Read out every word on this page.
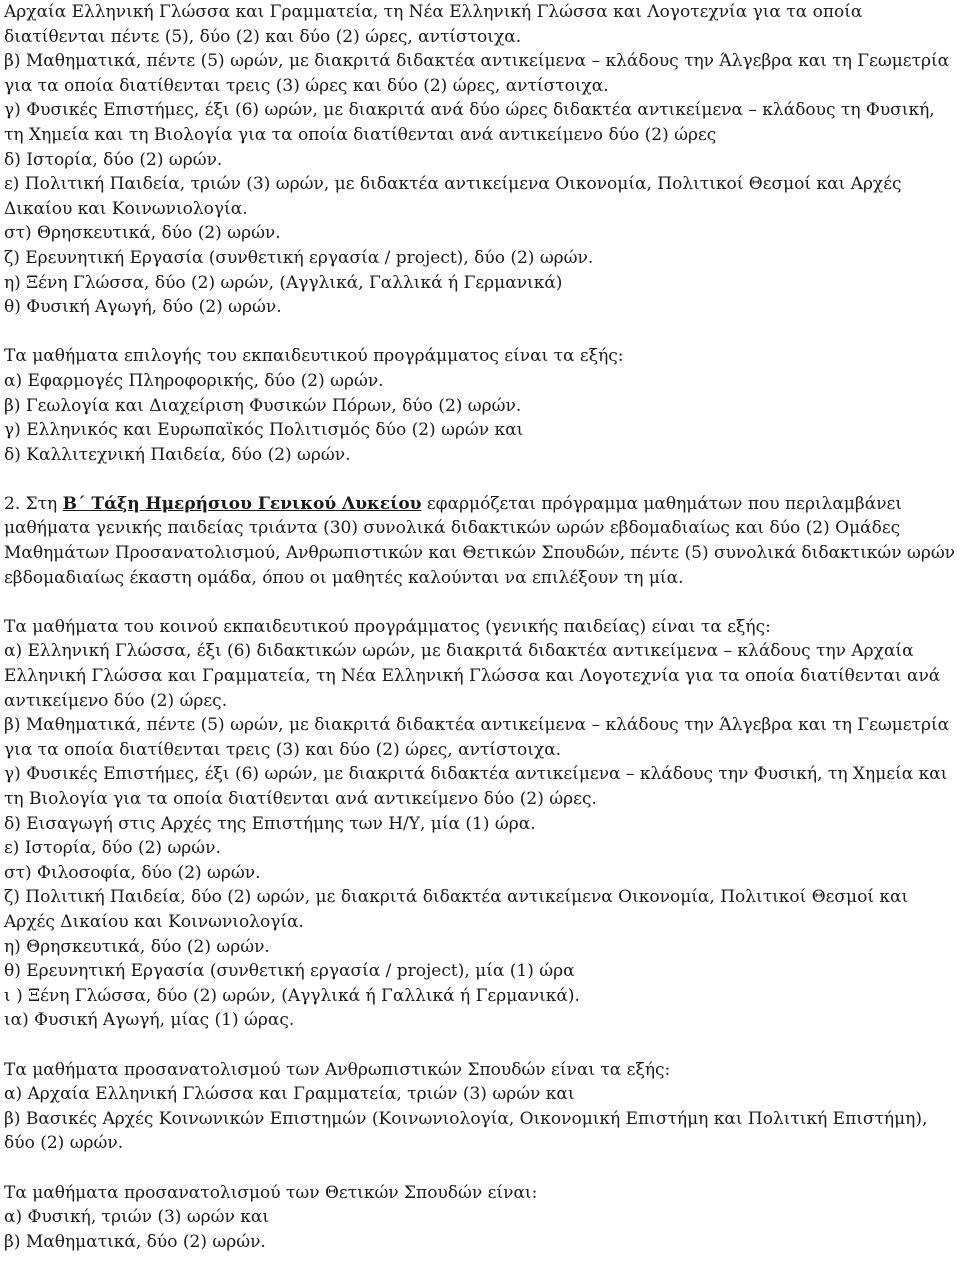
Αρχαία Ελληνική Γλώσσα και Γραμματεία, τη Νέα Ελληνική Γλώσσα και Λογοτεχνία για τα οποία διατίθενται πέντε (5), δύο (2) και δύο (2) ώρες, αντίστοιχα.

β) Μαθηματικά, πέντε (5) ωρών, με διακριτά διδακτέα αντικείμενα – κλάδους την Άλγεβρα και τη Γεωμετρία για τα οποία διατίθενται τρεις (3) ώρες και δύο (2) ώρες, αντίστοιχα.

γ) Φυσικές Επιστήμες, έξι (6) ωρών, με διακριτά ανά δύο ώρες διδακτέα αντικείμενα – κλάδους τη Φυσική, τη Χημεία και τη Βιολογία για τα οποία διατίθενται ανά αντικείμενο δύο (2) ώρες

δ) Ιστορία, δύο (2) ωρών.

ε) Πολιτική Παιδεία, τριών (3) ωρών, με διδακτέα αντικείμενα Οικονομία, Πολιτικοί Θεσμοί και Αρχές Δικαίου και Κοινωνιολογία.

στ) Θρησκευτικά, δύο (2) ωρών.

ζ) Ερευνητική Εργασία (συνθετική εργασία / project), δύο (2) ωρών.

η) Ξένη Γλώσσα, δύο (2) ωρών, (Αγγλικά, Γαλλικά ή Γερμανικά)

θ) Φυσική Αγωγή, δύο (2) ωρών.

Τα μαθήματα επιλογής του εκπαιδευτικού προγράμματος είναι τα εξής:

α) Εφαρμογές Πληροφορικής, δύο (2) ωρών.

β) Γεωλογία και Διαχείριση Φυσικών Πόρων, δύο (2) ωρών.

γ) Ελληνικός και Ευρωπαϊκός Πολιτισμός δύο (2) ωρών και

δ) Καλλιτεχνική Παιδεία, δύο (2) ωρών.

2. Στη Β΄ Τάξη Ημερήσιου Γενικού Λυκείου εφαρμόζεται πρόγραμμα μαθημάτων που περιλαμβάνει μαθήματα γενικής παιδείας τριάντα (30) συνολικά διδακτικών ωρών εβδομαδιαίως και δύο (2) Ομάδες Μαθημάτων Προσανατολισμού, Ανθρωπιστικών και Θετικών Σπουδών, πέντε (5) συνολικά διδακτικών ωρών εβδομαδιαίως έκαστη ομάδα, όπου οι μαθητές καλούνται να επιλέξουν τη μία.

Τα μαθήματα του κοινού εκπαιδευτικού προγράμματος (γενικής παιδείας) είναι τα εξής:

α) Ελληνική Γλώσσα, έξι (6) διδακτικών ωρών, με διακριτά διδακτέα αντικείμενα – κλάδους την Αρχαία Ελληνική Γλώσσα και Γραμματεία, τη Νέα Ελληνική Γλώσσα και Λογοτεχνία για τα οποία διατίθενται ανά αντικείμενο δύο (2) ώρες.

β) Μαθηματικά, πέντε (5) ωρών, με διακριτά διδακτέα αντικείμενα – κλάδους την Άλγεβρα και τη Γεωμετρία για τα οποία διατίθενται τρεις (3) και δύο (2) ώρες, αντίστοιχα.

γ) Φυσικές Επιστήμες, έξι (6) ωρών, με διακριτά διδακτέα αντικείμενα – κλάδους την Φυσική, τη Χημεία και τη Βιολογία για τα οποία διατίθενται ανά αντικείμενο δύο (2) ώρες.

δ) Εισαγωγή στις Αρχές της Επιστήμης των Η/Υ, μία (1) ώρα.

ε) Ιστορία, δύο (2) ωρών.

στ) Φιλοσοφία, δύο (2) ωρών.

ζ) Πολιτική Παιδεία, δύο (2) ωρών, με διακριτά διδακτέα αντικείμενα Οικονομία, Πολιτικοί Θεσμοί και Αρχές Δικαίου και Κοινωνιολογία.

η) Θρησκευτικά, δύο (2) ωρών.

θ) Ερευνητική Εργασία (συνθετική εργασία / project), μία (1) ώρα

ι ) Ξένη Γλώσσα, δύο (2) ωρών, (Αγγλικά ή Γαλλικά ή Γερμανικά).

ια) Φυσική Αγωγή, μίας (1) ώρας.

Τα μαθήματα προσανατολισμού των Ανθρωπιστικών Σπουδών είναι τα εξής:

α) Αρχαία Ελληνική Γλώσσα και Γραμματεία, τριών (3) ωρών και

β) Βασικές Αρχές Κοινωνικών Επιστημών (Κοινωνιολογία, Οικονομική Επιστήμη και Πολιτική Επιστήμη), δύο (2) ωρών.

Τα μαθήματα προσανατολισμού των Θετικών Σπουδών είναι:

α) Φυσική, τριών (3) ωρών και

β) Μαθηματικά, δύο (2) ωρών.
